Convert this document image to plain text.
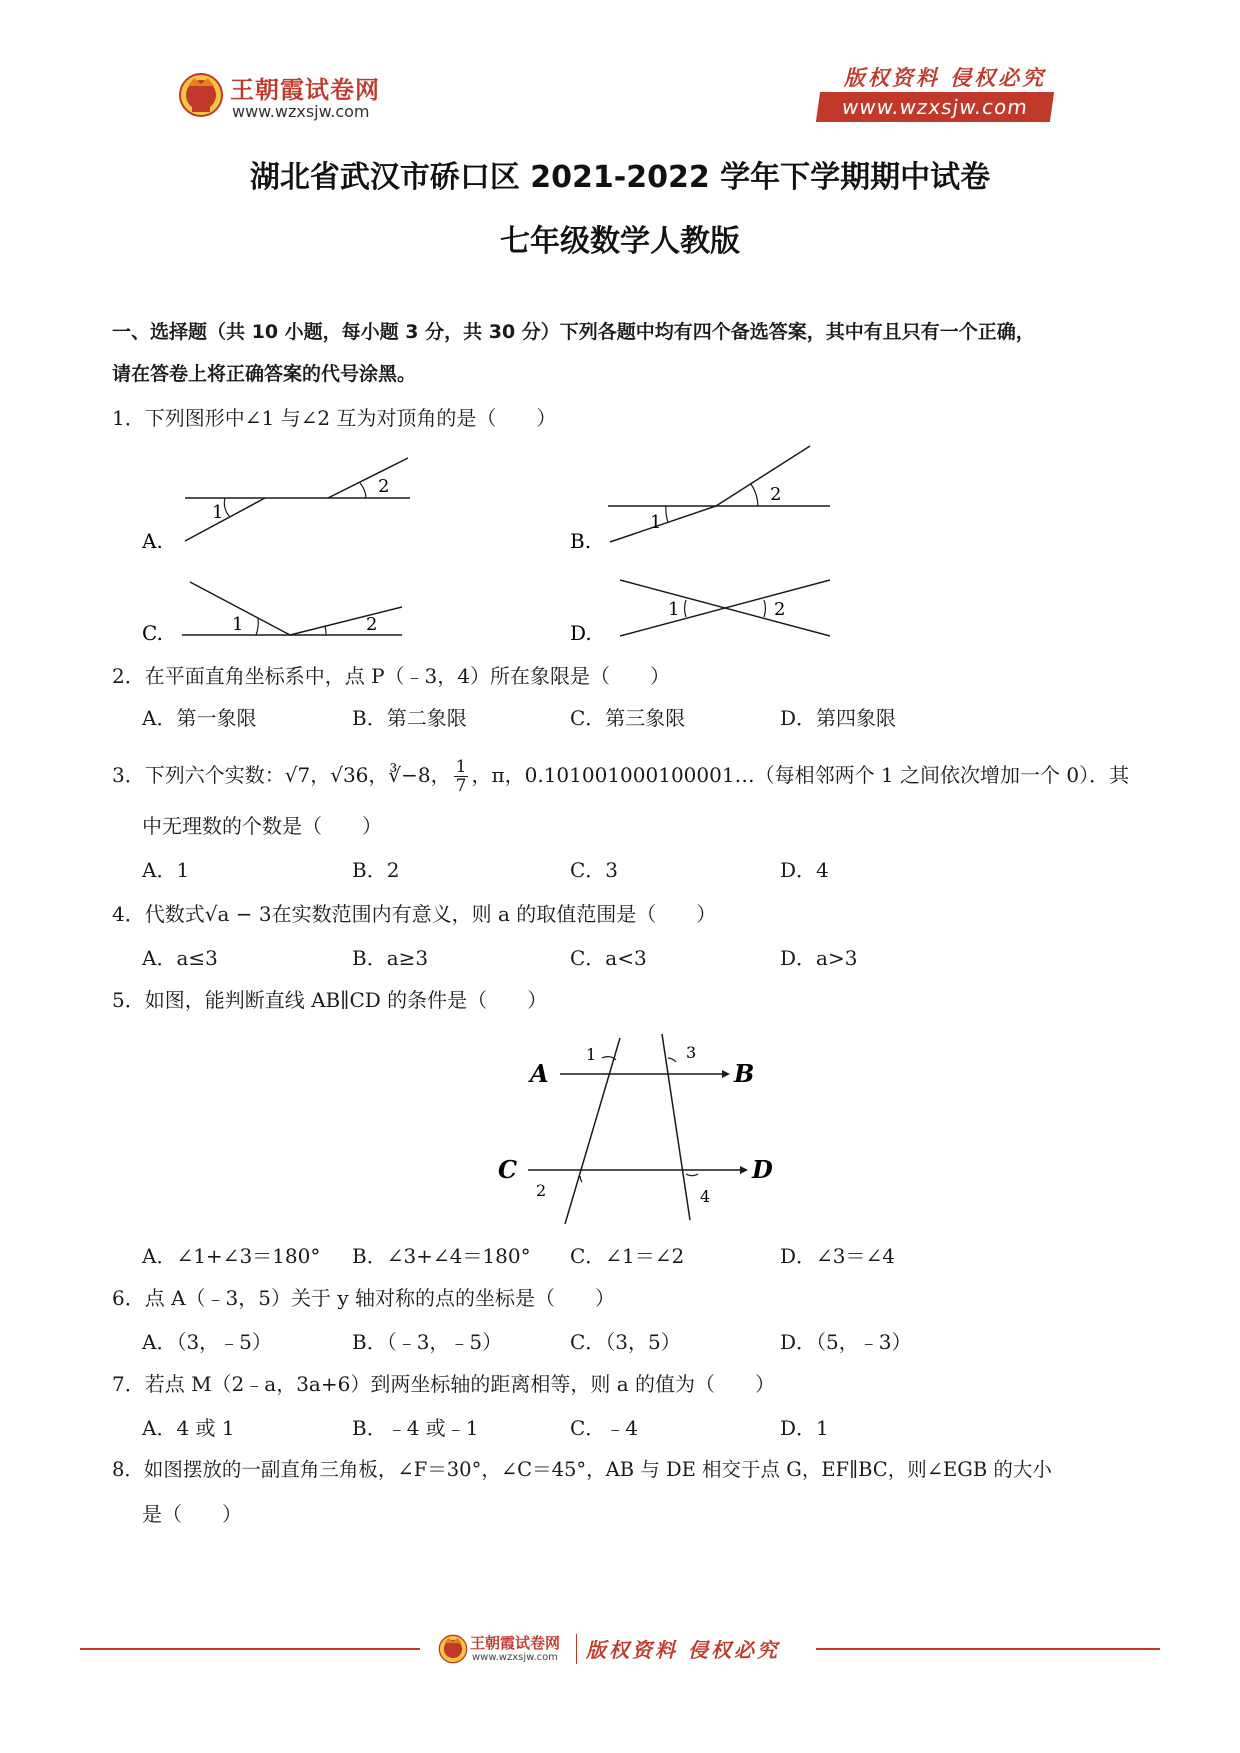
王朝霞试卷网
www.wzxsjw.com
版权资料 侵权必究
www.wzxsjw.com
湖北省武汉市硚口区 2021-2022 学年下学期期中试卷
七年级数学人教版
一、选择题（共 10 小题，每小题 3 分，共 30 分）下列各题中均有四个备选答案，其中有且只有一个正确，
请在答卷上将正确答案的代号涂黑。
1．下列图形中∠1 与∠2 互为对顶角的是（　　）
1
2
A.
1
2
B.
1	2
C.
1	2
D.
2．在平面直角坐标系中，点 P（﹣3，4）所在象限是（　　）
A．第一象限	B．第二象限	C．第三象限	D．第四象限
3．下列六个实数：√7，√36，∛−8， $\frac{1}{7}$ ，π，0.101001000100001…（每相邻两个 1 之间依次增加一个 0）．其
中无理数的个数是（　　）
A．1	B．2	C．3	D．4
4．代数式√a − 3在实数范围内有意义，则 a 的取值范围是（　　）
A．a≤3	B．a≥3	C．a<3	D．a>3
5．如图，能判断直线 AB∥CD 的条件是（　　）
A	B
C	D
1
2
3
4
A．∠1+∠3＝180° B．∠3+∠4＝180° C．∠1＝∠2	D．∠3＝∠4
6．点 A（﹣3，5）关于 y 轴对称的点的坐标是（　　）
A．（3，﹣5）	B．（﹣3，﹣5）	C．（3，5）	D．（5，﹣3）
7．若点 M（2﹣a，3a+6）到两坐标轴的距离相等，则 a 的值为（　　）
A．4 或 1	B．﹣4 或﹣1	C．﹣4	D．1
8．如图摆放的一副直角三角板，∠F＝30°，∠C＝45°，AB 与 DE 相交于点 G，EF∥BC，则∠EGB 的大小
是（　　）
王朝霞试卷网
www.wzxsjw.com 版权资料 侵权必究
